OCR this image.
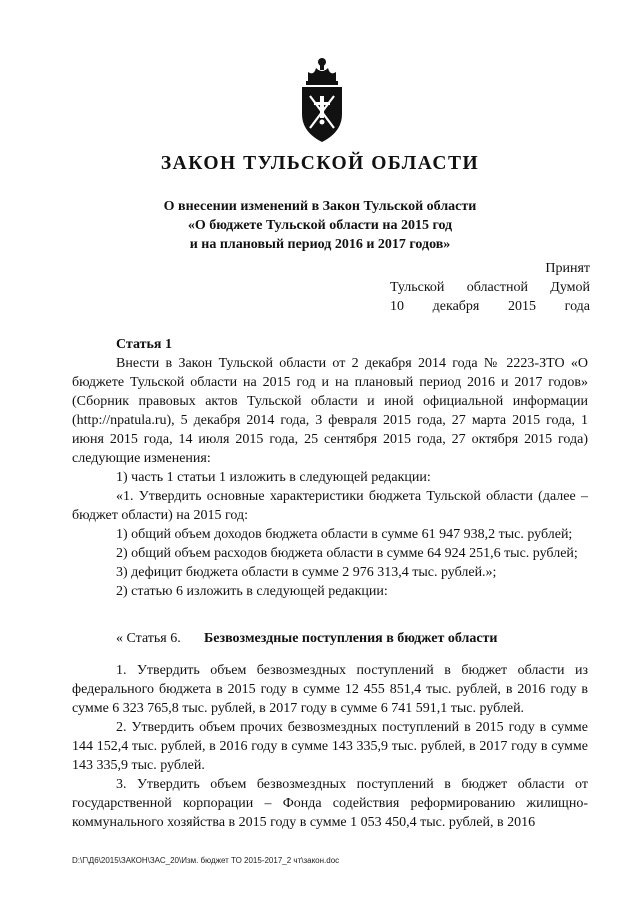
ЗАКОН ТУЛЬСКОЙ ОБЛАСТИ
О внесении изменений в Закон Тульской области
«О бюджете Тульской области на 2015 год
и на плановый период 2016 и 2017 годов»
Принят
Тульской областной Думой
10 декабря 2015 года
Статья 1

Внести в Закон Тульской области от 2 декабря 2014 года № 2223-ЗТО «О бюджете Тульской области на 2015 год и на плановый период 2016 и 2017 годов» (Сборник правовых актов Тульской области и иной официальной информации (http://npatula.ru), 5 декабря 2014 года, 3 февраля 2015 года, 27 марта 2015 года, 1 июня 2015 года, 14 июля 2015 года, 25 сентября 2015 года, 27 октября 2015 года) следующие изменения:

1) часть 1 статьи 1 изложить в следующей редакции:

«1. Утвердить основные характеристики бюджета Тульской области (далее – бюджет области) на 2015 год:

1) общий объем доходов бюджета области в сумме 61 947 938,2 тыс. рублей;

2) общий объем расходов бюджета области в сумме 64 924 251,6 тыс. рублей;

3) дефицит бюджета области в сумме 2 976 313,4 тыс. рублей.»;

2) статью 6 изложить в следующей редакции:

« Статья 6. Безвозмездные поступления в бюджет области

1. Утвердить объем безвозмездных поступлений в бюджет области из федерального бюджета в 2015 году в сумме 12 455 851,4 тыс. рублей, в 2016 году в сумме 6 323 765,8 тыс. рублей, в 2017 году в сумме 6 741 591,1 тыс. рублей.

2. Утвердить объем прочих безвозмездных поступлений в 2015 году в сумме 144 152,4 тыс. рублей, в 2016 году в сумме 143 335,9 тыс. рублей, в 2017 году в сумме 143 335,9 тыс. рублей.

3. Утвердить объем безвозмездных поступлений в бюджет области от государственной корпорации – Фонда содействия реформированию жилищно-коммунального хозяйства в 2015 году в сумме 1 053 450,4 тыс. рублей, в 2016

D:\Г\Д6\2015\ЗАКОН\ЗАС_20\Изм. бюджет ТО 2015-2017_2 чт\закон.doc
